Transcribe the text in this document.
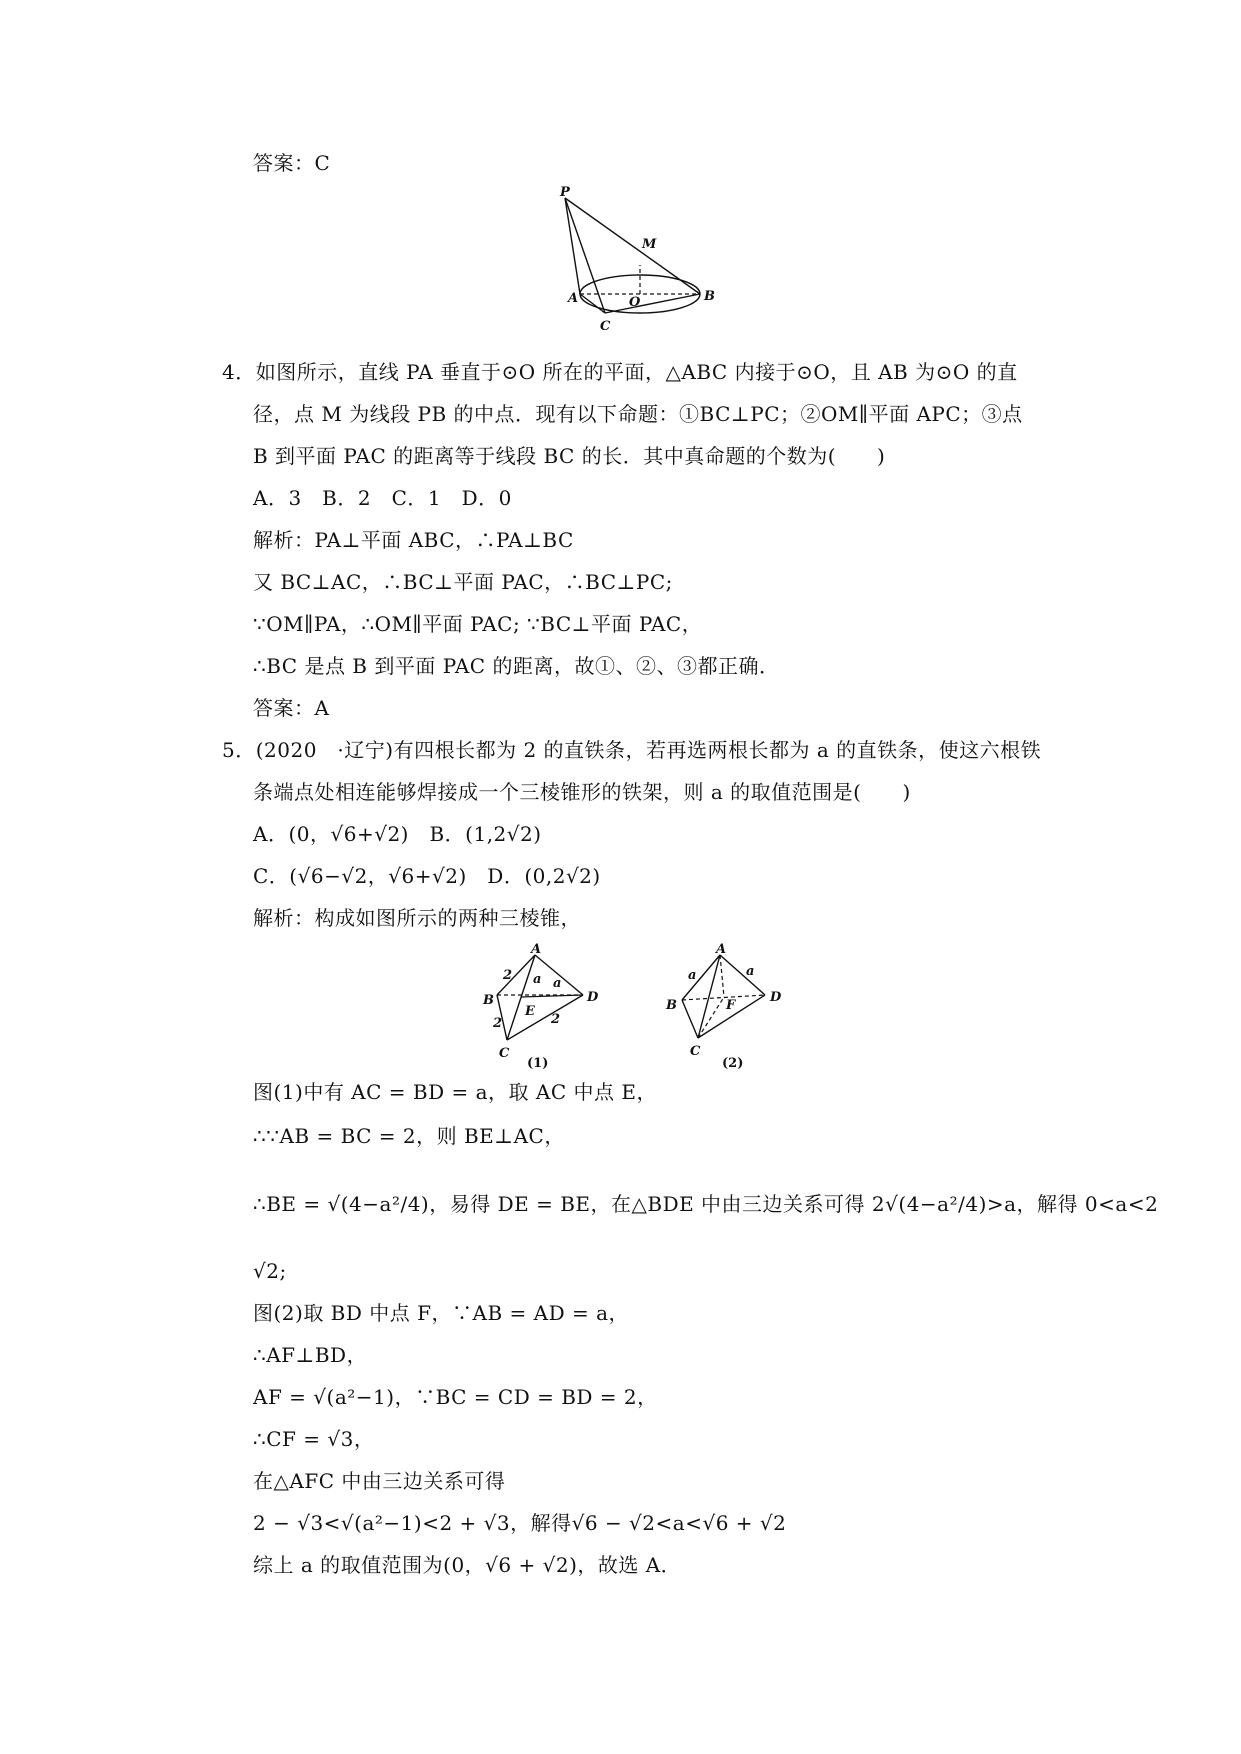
答案：C
P
M
A	O	B
C
4．如图所示，直线 PA 垂直于⊙O 所在的平面，△ABC 内接于⊙O，且 AB 为⊙O 的直
径，点 M 为线段 PB 的中点．现有以下命题：①BC⊥PC；②OM∥平面 APC；③点
B 到平面 PAC 的距离等于线段 BC 的长．其中真命题的个数为(　　)
A．3　B．2　C．1　D．0
解析：PA⊥平面 ABC，∴PA⊥BC
又 BC⊥AC，∴BC⊥平面 PAC，∴BC⊥PC;
∵OM∥PA，∴OM∥平面 PAC; ∵BC⊥平面 PAC，
∴BC 是点 B 到平面 PAC 的距离，故①、②、③都正确．
答案：A
5．(2020　·辽宁)有四根长都为 2 的直铁条，若再选两根长都为 a 的直铁条，使这六根铁
条端点处相连能够焊接成一个三棱锥形的铁架，则 a 的取值范围是(　　)
A．(0，√6+√2)　B．(1,2√2)
C．(√6−√2，√6+√2)　D．(0,2√2)
解析：构成如图所示的两种三棱锥，
A
B
C
D
E
2 a a
2	2
(1)
A
B
C
D
F
a	a
(2)
图(1)中有 AC = BD = a，取 AC 中点 E，
∴∵AB = BC = 2，则 BE⊥AC，
∴BE = √(4−a²/4)，易得 DE = BE，在△BDE 中由三边关系可得 2√(4−a²/4)>a，解得 0<a<2
√2;
图(2)取 BD 中点 F，∵AB = AD = a，
∴AF⊥BD，
AF = √(a²−1)，∵BC = CD = BD = 2，
∴CF = √3，
在△AFC 中由三边关系可得
2 − √3<√(a²−1)<2 + √3，解得√6 − √2<a<√6 + √2
综上 a 的取值范围为(0，√6 + √2)，故选 A．
